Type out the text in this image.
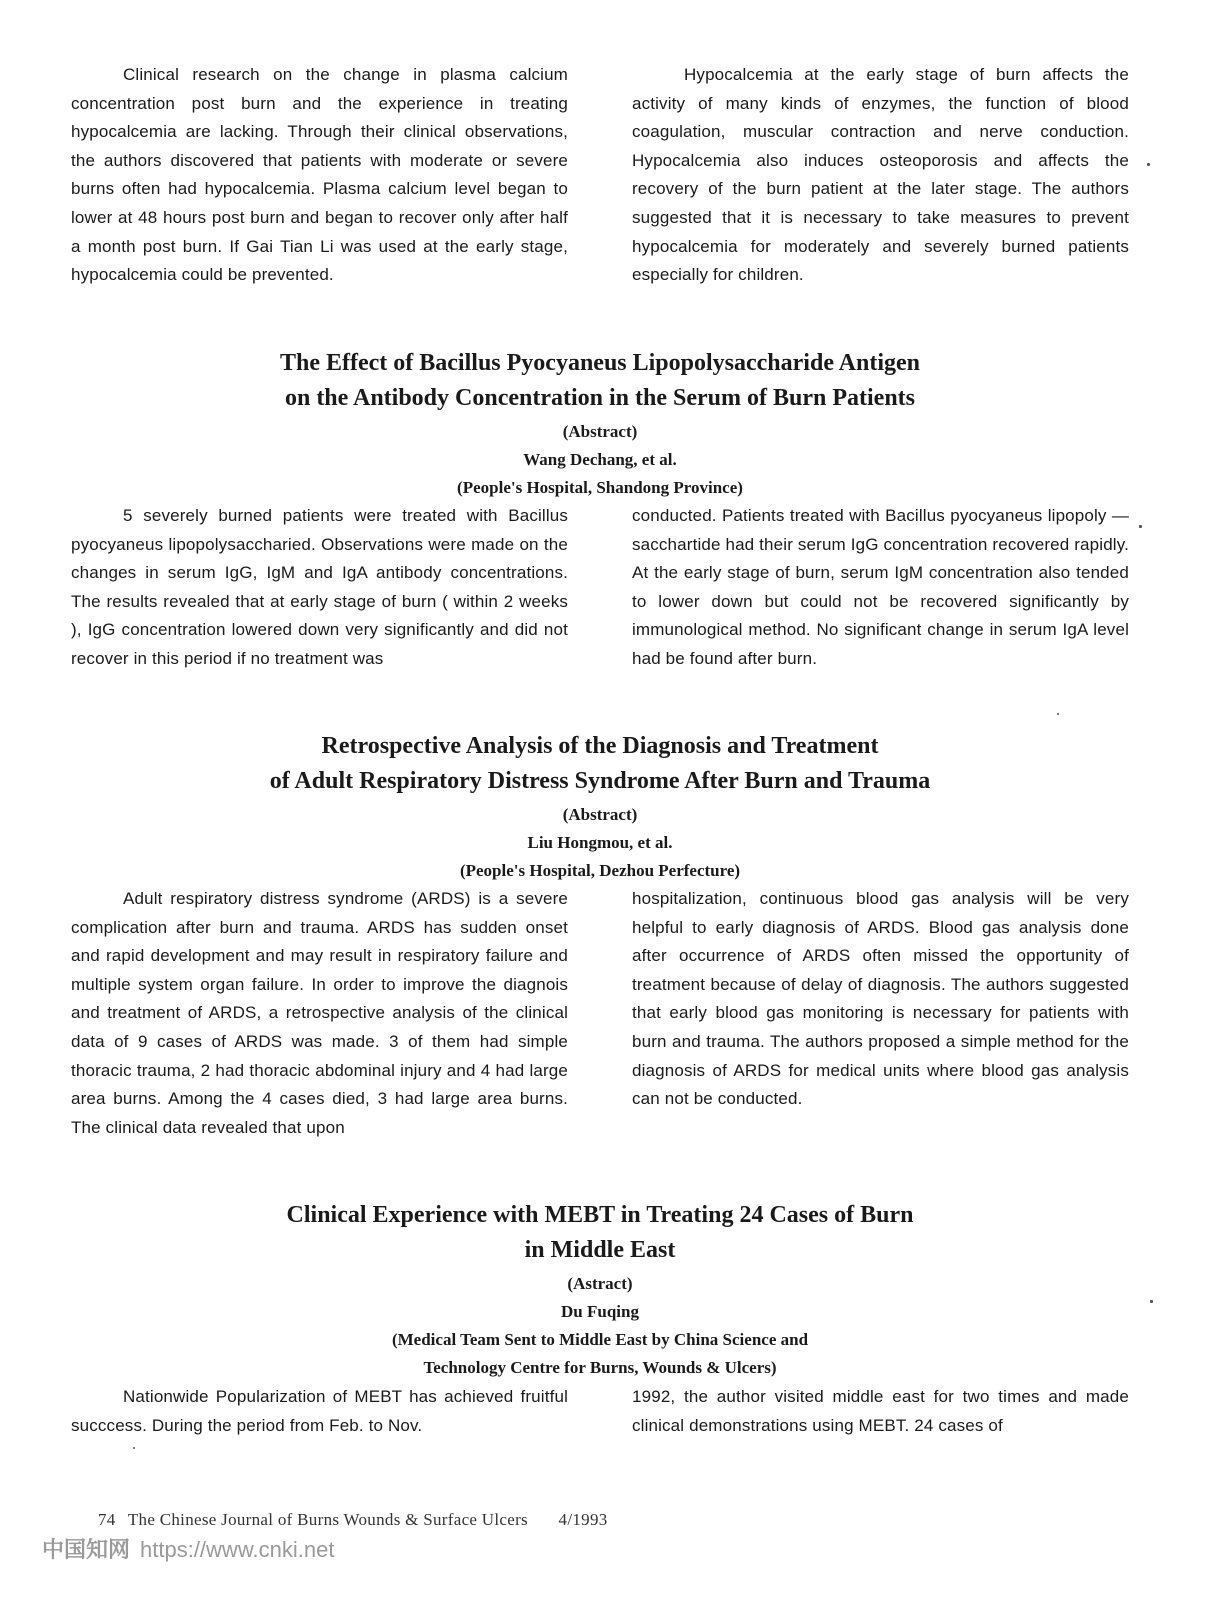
Clinical research on the change in plasma calcium concentration post burn and the experience in treating hypocalcemia are lacking. Through their clinical observations, the authors discovered that patients with moderate or severe burns often had hypocalcemia. Plasma calcium level began to lower at 48 hours post burn and began to recover only after half a month post burn. If Gai Tian Li was used at the early stage, hypocalcemia could be prevented.

Hypocalcemia at the early stage of burn affects the activity of many kinds of enzymes, the function of blood coagulation, muscular contraction and nerve conduction. Hypocalcemia also induces osteoporosis and affects the recovery of the burn patient at the later stage. The authors suggested that it is necessary to take measures to prevent hypocalcemia for moderately and severely burned patients especially for children.

The Effect of Bacillus Pyocyaneus Lipopolysaccharide Antigen
on the Antibody Concentration in the Serum of Burn Patients
(Abstract)
Wang Dechang, et al.
(People's Hospital, Shandong Province)

5 severely burned patients were treated with Bacillus pyocyaneus lipopolysaccharied. Observations were made on the changes in serum IgG, IgM and IgA antibody concentrations. The results revealed that at early stage of burn ( within 2 weeks ), IgG concentration lowered down very significantly and did not recover in this period if no treatment was

conducted. Patients treated with Bacillus pyocyaneus lipopoly — sacchartide had their serum IgG concentration recovered rapidly. At the early stage of burn, serum IgM concentration also tended to lower down but could not be recovered significantly by immunological method. No significant change in serum IgA level had be found after burn.

Retrospective Analysis of the Diagnosis and Treatment
of Adult Respiratory Distress Syndrome After Burn and Trauma
(Abstract)
Liu Hongmou, et al.
(People's Hospital, Dezhou Perfecture)

Adult respiratory distress syndrome (ARDS) is a severe complication after burn and trauma. ARDS has sudden onset and rapid development and may result in respiratory failure and multiple system organ failure. In order to improve the diagnois and treatment of ARDS, a retrospective analysis of the clinical data of 9 cases of ARDS was made. 3 of them had simple thoracic trauma, 2 had thoracic abdominal injury and 4 had large area burns. Among the 4 cases died, 3 had large area burns. The clinical data revealed that upon

hospitalization, continuous blood gas analysis will be very helpful to early diagnosis of ARDS. Blood gas analysis done after occurrence of ARDS often missed the opportunity of treatment because of delay of diagnosis. The authors suggested that early blood gas monitoring is necessary for patients with burn and trauma. The authors proposed a simple method for the diagnosis of ARDS for medical units where blood gas analysis can not be conducted.

Clinical Experience with MEBT in Treating 24 Cases of Burn
in Middle East
(Astract)
Du Fuqing
(Medical Team Sent to Middle East by China Science and
Technology Centre for Burns, Wounds & Ulcers)

Nationwide Popularization of MEBT has achieved fruitful succcess. During the period from Feb. to Nov.

1992, the author visited middle east for two times and made clinical demonstrations using MEBT. 24 cases of

74 The Chinese Journal of Burns Wounds & Surface Ulcers 4/1993
中国知网 https://www.cnki.net
